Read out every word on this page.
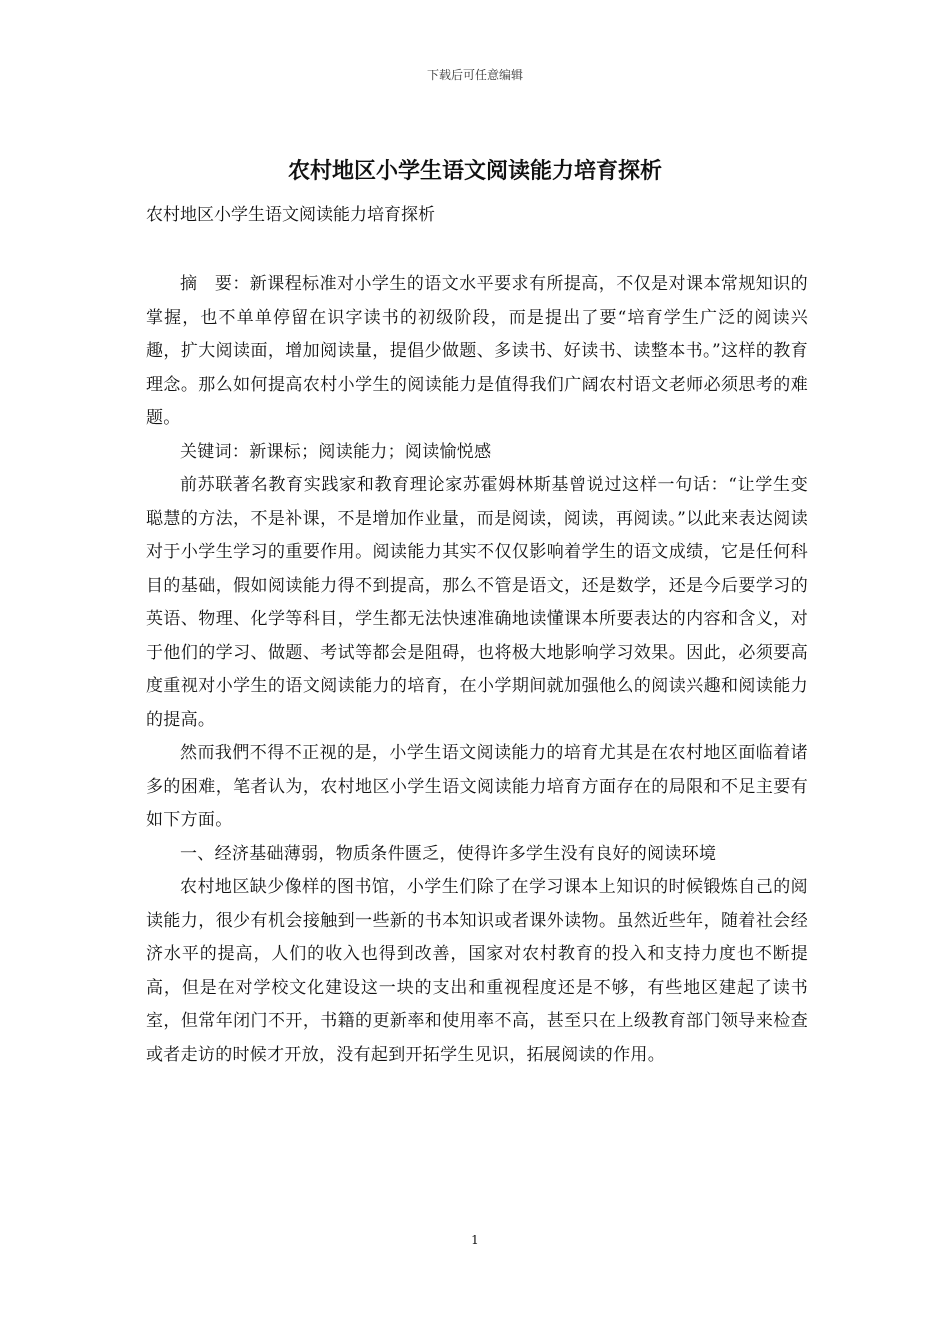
下载后可任意编辑
农村地区小学生语文阅读能力培育探析
农村地区小学生语文阅读能力培育探析

摘　要：新课程标准对小学生的语文水平要求有所提高，不仅是对课本常规知识的掌握，也不单单停留在识字读书的初级阶段，而是提出了要“培育学生广泛的阅读兴趣，扩大阅读面，增加阅读量，提倡少做题、多读书、好读书、读整本书。”这样的教育理念。那么如何提高农村小学生的阅读能力是值得我们广阔农村语文老师必须思考的难题。

关键词：新课标；阅读能力；阅读愉悦感

前苏联著名教育实践家和教育理论家苏霍姆林斯基曾说过这样一句话：“让学生变聪慧的方法，不是补课，不是增加作业量，而是阅读，阅读，再阅读。”以此来表达阅读对于小学生学习的重要作用。阅读能力其实不仅仅影响着学生的语文成绩，它是任何科目的基础，假如阅读能力得不到提高，那么不管是语文，还是数学，还是今后要学习的英语、物理、化学等科目，学生都无法快速准确地读懂课本所要表达的内容和含义，对于他们的学习、做题、考试等都会是阻碍，也将极大地影响学习效果。因此，必须要高度重视对小学生的语文阅读能力的培育，在小学期间就加强他么的阅读兴趣和阅读能力的提高。

然而我們不得不正视的是，小学生语文阅读能力的培育尤其是在农村地区面临着诸多的困难，笔者认为，农村地区小学生语文阅读能力培育方面存在的局限和不足主要有如下方面。

一、经济基础薄弱，物质条件匮乏，使得许多学生没有良好的阅读环境

农村地区缺少像样的图书馆，小学生们除了在学习课本上知识的时候锻炼自己的阅读能力，很少有机会接触到一些新的书本知识或者课外读物。虽然近些年，随着社会经济水平的提高，人们的收入也得到改善，国家对农村教育的投入和支持力度也不断提高，但是在对学校文化建设这一块的支出和重视程度还是不够，有些地区建起了读书室，但常年闭门不开，书籍的更新率和使用率不高，甚至只在上级教育部门领导来检查或者走访的时候才开放，没有起到开拓学生见识，拓展阅读的作用。

1
